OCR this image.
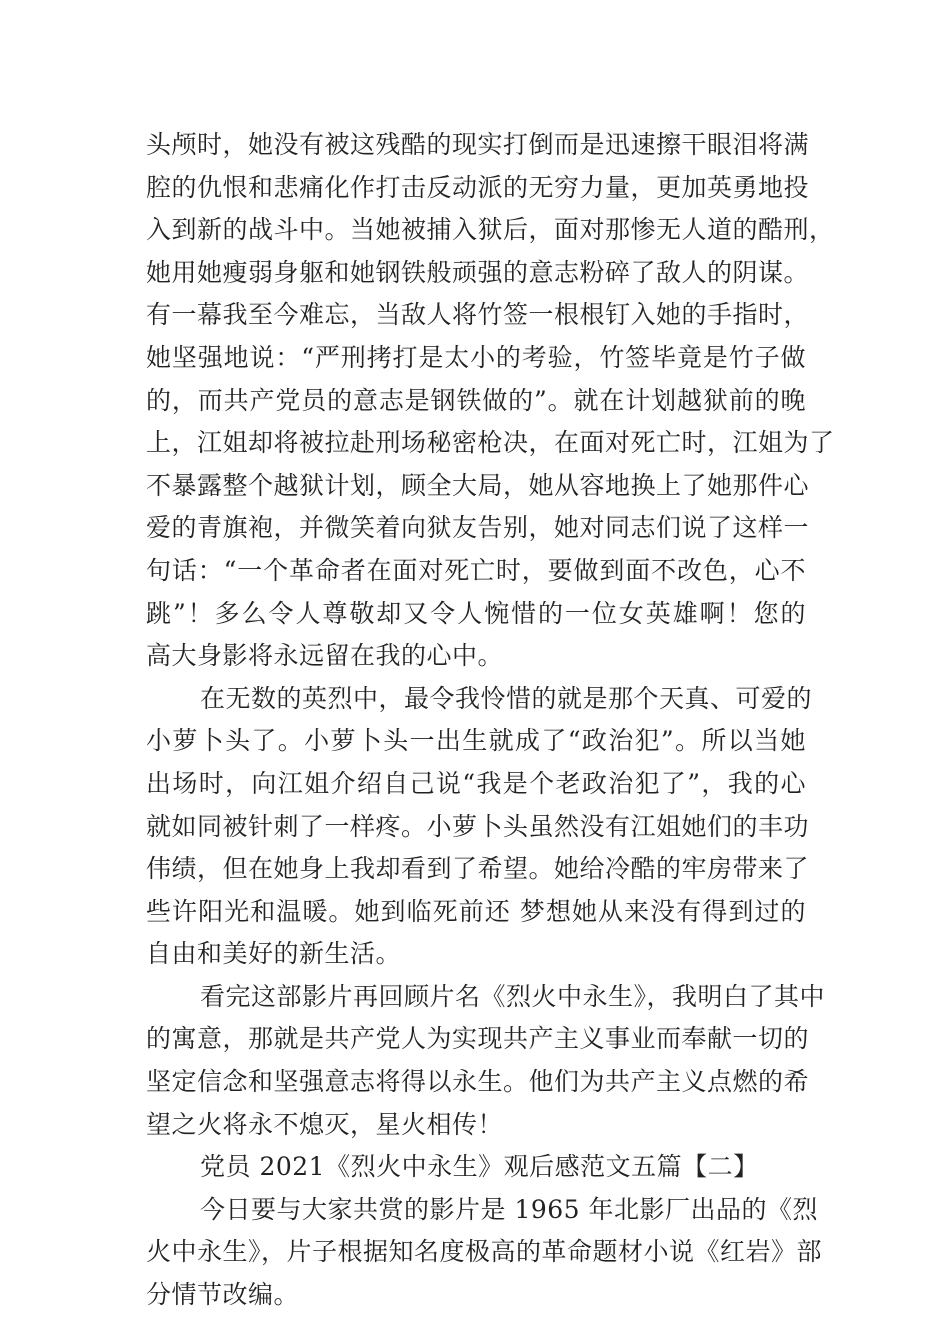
头颅时，她没有被这残酷的现实打倒而是迅速擦干眼泪将满
腔的仇恨和悲痛化作打击反动派的无穷力量，更加英勇地投
入到新的战斗中。当她被捕入狱后，面对那惨无人道的酷刑，
她用她瘦弱身躯和她钢铁般顽强的意志粉碎了敌人的阴谋。
有一幕我至今难忘，当敌人将竹签一根根钉入她的手指时，
她坚强地说：“严刑拷打是太小的考验，竹签毕竟是竹子做
的，而共产党员的意志是钢铁做的”。就在计划越狱前的晚
上，江姐却将被拉赴刑场秘密枪决，在面对死亡时，江姐为了
不暴露整个越狱计划，顾全大局，她从容地换上了她那件心
爱的青旗袍，并微笑着向狱友告别，她对同志们说了这样一
句话：“一个革命者在面对死亡时，要做到面不改色，心不
跳”！多么令人尊敬却又令人惋惜的一位女英雄啊！您的
高大身影将永远留在我的心中。
在无数的英烈中，最令我怜惜的就是那个天真、可爱的
小萝卜头了。小萝卜头一出生就成了“政治犯”。所以当她
出场时，向江姐介绍自己说“我是个老政治犯了”，我的心
就如同被针刺了一样疼。小萝卜头虽然没有江姐她们的丰功
伟绩，但在她身上我却看到了希望。她给冷酷的牢房带来了
些许阳光和温暖。她到临死前还 梦想她从来没有得到过的
自由和美好的新生活。
看完这部影片再回顾片名《烈火中永生》，我明白了其中
的寓意，那就是共产党人为实现共产主义事业而奉献一切的
坚定信念和坚强意志将得以永生。他们为共产主义点燃的希
望之火将永不熄灭，星火相传！
党员 2021《烈火中永生》观后感范文五篇【二】
今日要与大家共赏的影片是 1965 年北影厂出品的《烈
火中永生》，片子根据知名度极高的革命题材小说《红岩》部
分情节改编。
